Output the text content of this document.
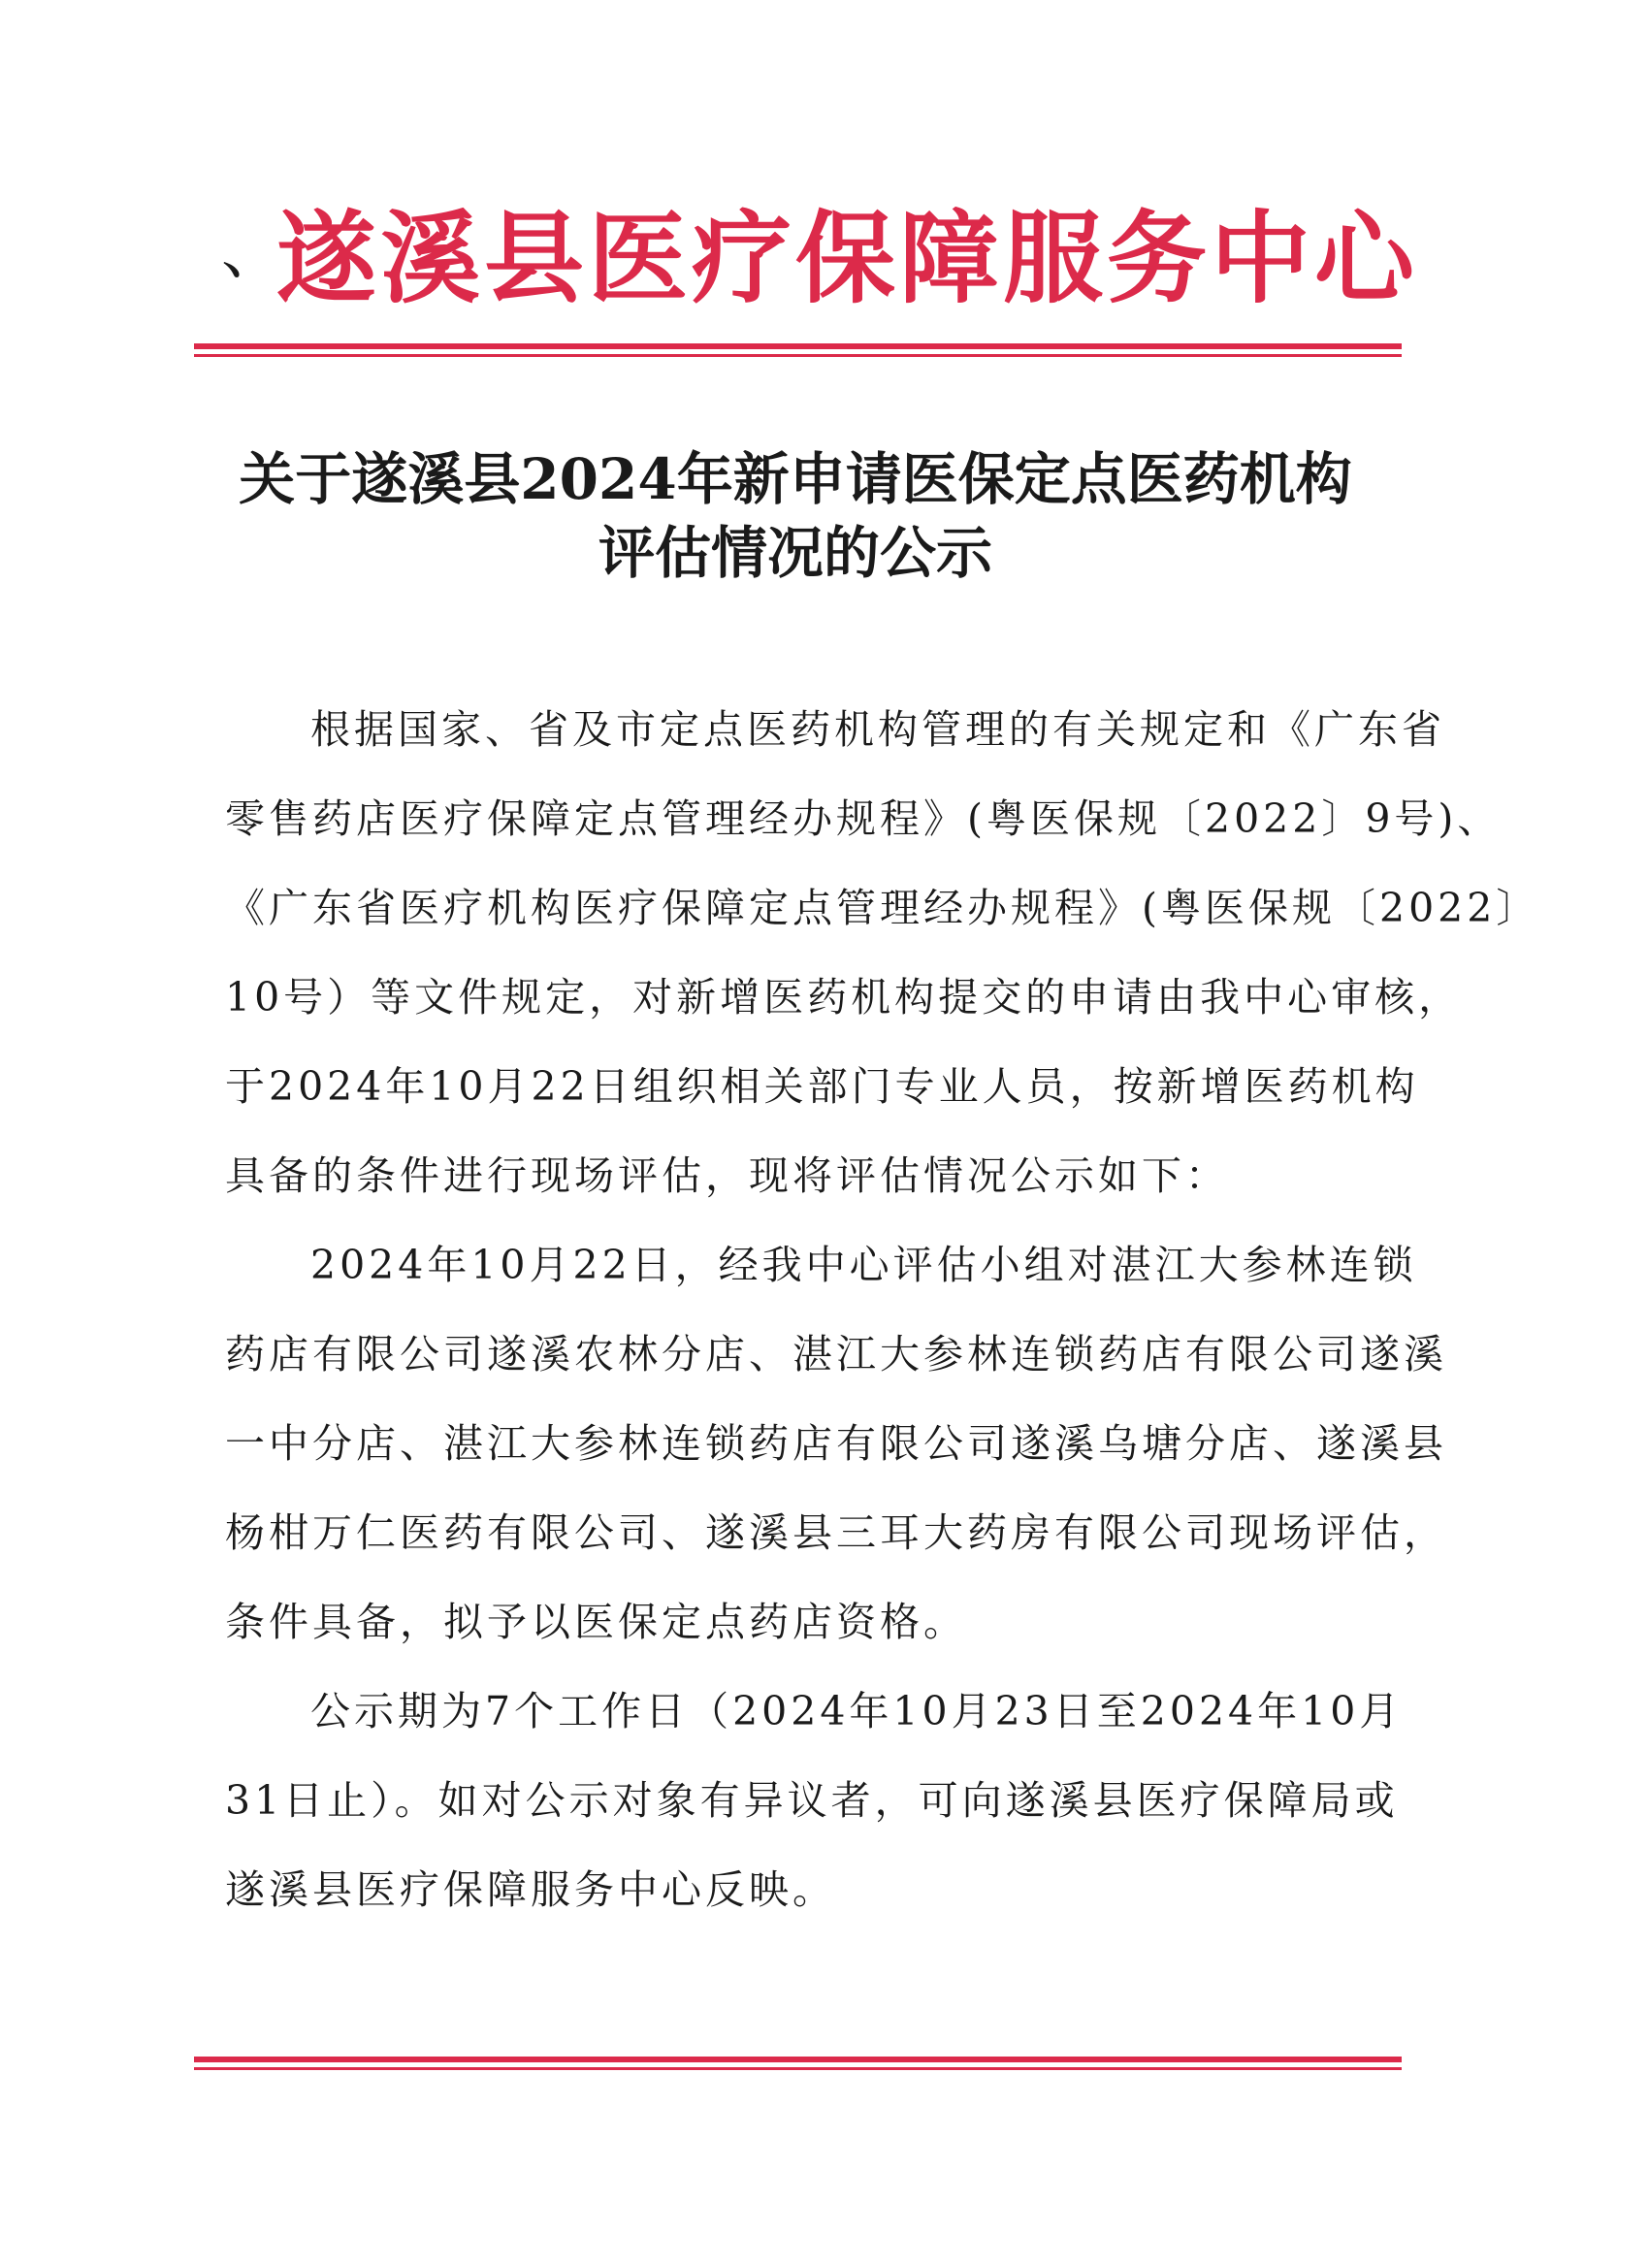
、
遂溪县医疗保障服务中心
关于遂溪县2024年新申请医保定点医药机构
评估情况的公示
根据国家、省及市定点医药机构管理的有关规定和《广东省
零售药店医疗保障定点管理经办规程》(粤医保规〔2022〕9号)、
《广东省医疗机构医疗保障定点管理经办规程》(粤医保规〔2022〕
10号）等文件规定，对新增医药机构提交的申请由我中心审核，
于2024年10月22日组织相关部门专业人员，按新增医药机构
具备的条件进行现场评估，现将评估情况公示如下：
2024年10月22日，经我中心评估小组对湛江大参林连锁
药店有限公司遂溪农林分店、湛江大参林连锁药店有限公司遂溪
一中分店、湛江大参林连锁药店有限公司遂溪乌塘分店、遂溪县
杨柑万仁医药有限公司、遂溪县三耳大药房有限公司现场评估，
条件具备，拟予以医保定点药店资格。
公示期为7个工作日（2024年10月23日至2024年10月
31日止）。如对公示对象有异议者，可向遂溪县医疗保障局或
遂溪县医疗保障服务中心反映。
